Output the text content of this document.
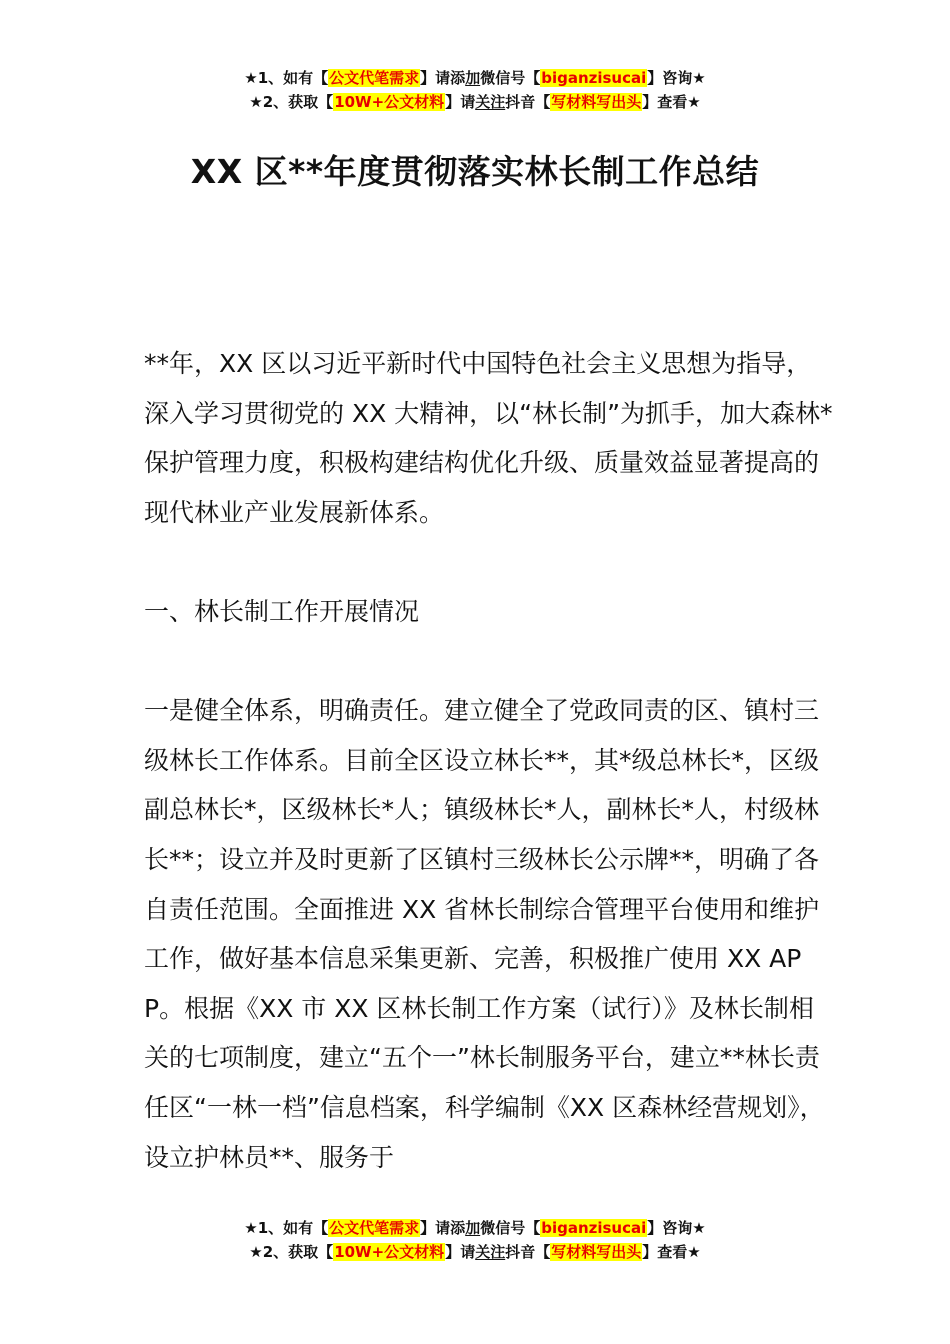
★1、如有【公文代笔需求】请添加微信号【biganzisucai】咨询★
★2、获取【10W+公文材料】请关注抖音【写材料写出头】查看★
XX 区**年度贯彻落实林长制工作总结

**年，XX 区以习近平新时代中国特色社会主义思想为指导，深入学习贯彻党的 XX 大精神，以“林长制”为抓手，加大森林*保护管理力度，积极构建结构优化升级、质量效益显著提高的现代林业产业发展新体系。

一、林长制工作开展情况

一是健全体系，明确责任。建立健全了党政同责的区、镇村三级林长工作体系。目前全区设立林长**，其*级总林长*，区级副总林长*，区级林长*人；镇级林长*人，副林长*人，村级林长**；设立并及时更新了区镇村三级林长公示牌**，明确了各自责任范围。全面推进 XX 省林长制综合管理平台使用和维护工作，做好基本信息采集更新、完善，积极推广使用 XX APP。根据《XX 市 XX 区林长制工作方案（试行）》及林长制相关的七项制度，建立“五个一”林长制服务平台，建立**林长责任区“一林一档”信息档案，科学编制《XX 区森林经营规划》，设立护林员**、服务于

★1、如有【公文代笔需求】请添加微信号【biganzisucai】咨询★
★2、获取【10W+公文材料】请关注抖音【写材料写出头】查看★
